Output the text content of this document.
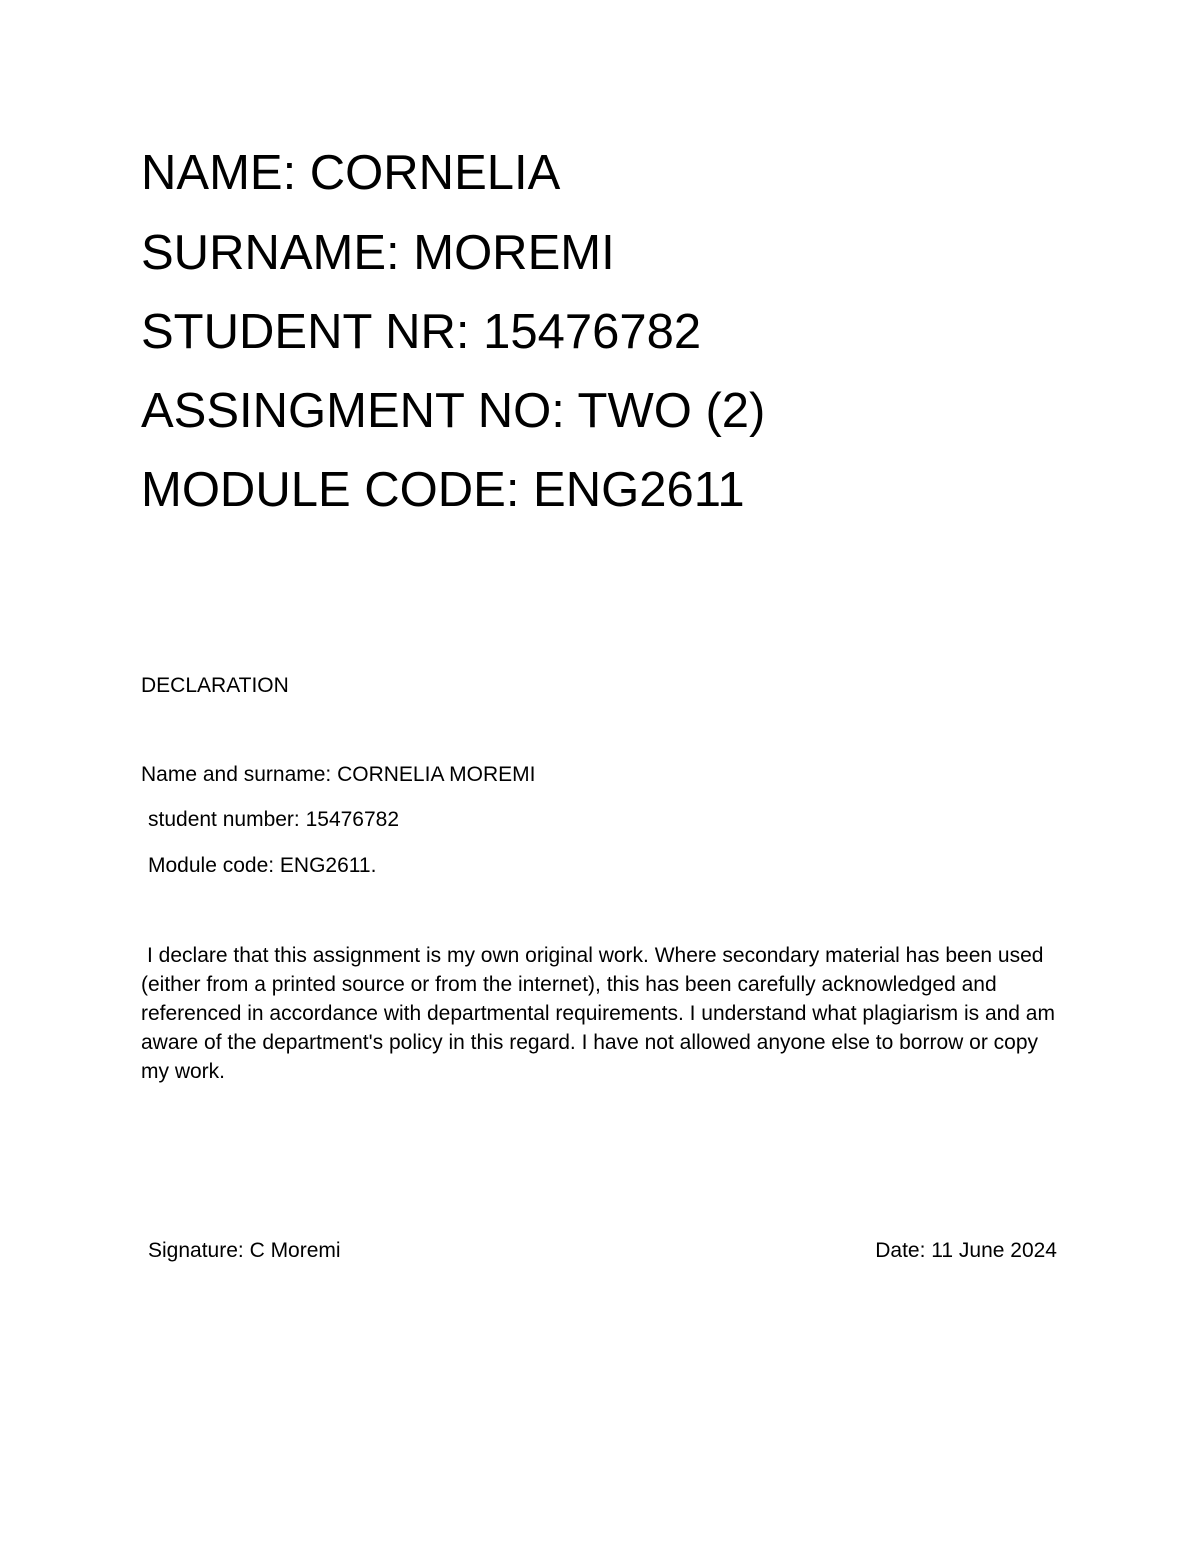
NAME: CORNELIA
SURNAME: MOREMI
STUDENT NR: 15476782
ASSINGMENT NO: TWO (2)
MODULE CODE: ENG2611
DECLARATION
Name and surname: CORNELIA MOREMI
student number: 15476782
Module code: ENG2611.
I declare that this assignment is my own original work. Where secondary material has been used (either from a printed source or from the internet), this has been carefully acknowledged and referenced in accordance with departmental requirements. I understand what plagiarism is and am aware of the department's policy in this regard. I have not allowed anyone else to borrow or copy my work.
Signature: C Moremi	Date: 11 June 2024
